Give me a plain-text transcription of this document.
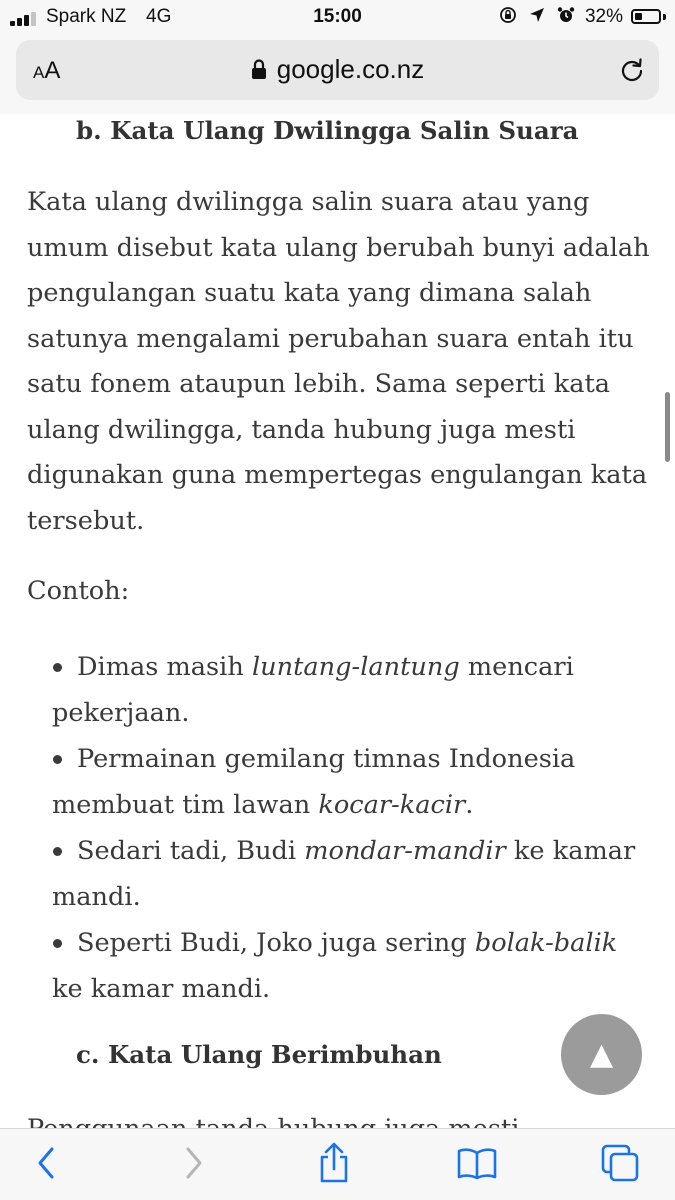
Spark NZ 4G	15:00
	32%
AA	google.co.nz
b. Kata Ulang Dwilingga Salin Suara

Kata ulang dwilingga salin suara atau yang umum disebut kata ulang berubah bunyi adalah pengulangan suatu kata yang dimana salah satunya mengalami perubahan suara entah itu satu fonem ataupun lebih. Sama seperti kata ulang dwilingga, tanda hubung juga mesti digunakan guna mempertegas engulangan kata tersebut.

Contoh:

Dimas masih luntang-lantung mencari pekerjaan.
Permainan gemilang timnas Indonesia membuat tim lawan kocar-kacir.
Sedari tadi, Budi mondar-mandir ke kamar mandi.
Seperti Budi, Joko juga sering bolak-balik ke kamar mandi.
c. Kata Ulang Berimbuhan	▲
